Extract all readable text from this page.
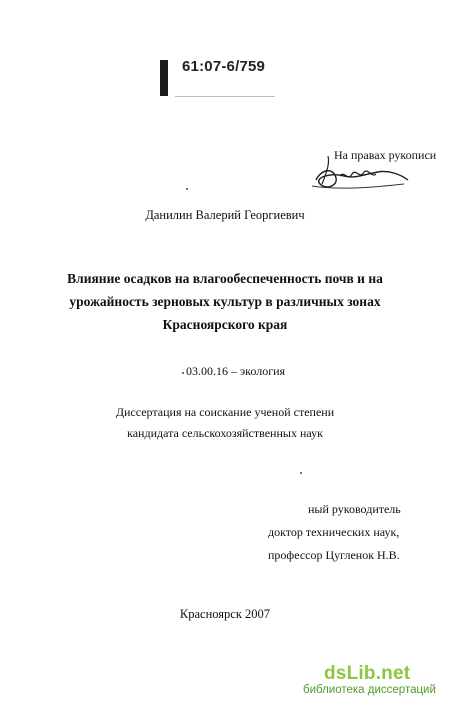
61:07-6/759
На правах рукописи
Данилин Валерий Георгиевич
Влияние осадков на влагообеспеченность почв и на
урожайность зерновых культур в различных зонах
Красноярского края
03.00.16 – экология
Диссертация на соискание ученой степени
кандидата сельскохозяйственных наук
ный руководитель
доктор технических наук,
профессор Цугленок Н.В.
Красноярск 2007
dsLib.net
библиотека диссертаций
